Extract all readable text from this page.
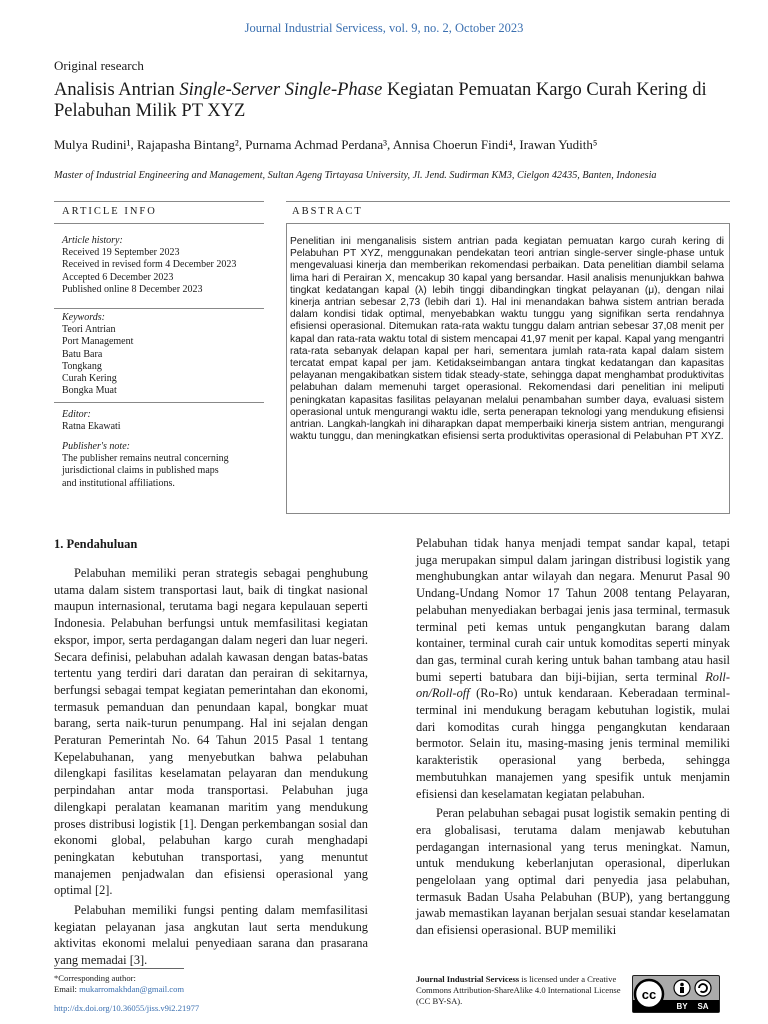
Journal Industrial Servicess, vol. 9, no. 2, October 2023
Original research
Analisis Antrian Single-Server Single-Phase Kegiatan Pemuatan Kargo Curah Kering di Pelabuhan Milik PT XYZ
Mulya Rudini¹, Rajapasha Bintang², Purnama Achmad Perdana³, Annisa Choerun Findi⁴, Irawan Yudith⁵
Master of Industrial Engineering and Management, Sultan Ageng Tirtayasa University, Jl. Jend. Sudirman KM3, Cielgon 42435, Banten, Indonesia
ARTICLE INFO	ABSTRACT
Article history:
Received 19 September 2023
Received in revised form 4 December 2023
Accepted 6 December 2023
Published online 8 December 2023
Keywords:
Teori Antrian
Port Management
Batu Bara
Tongkang
Curah Kering
Bongka Muat
Editor:
Ratna Ekawati
Publisher's note:
The publisher remains neutral concerning
jurisdictional claims in published maps
and institutional affiliations.
Penelitian ini menganalisis sistem antrian pada kegiatan pemuatan kargo curah kering di Pelabuhan PT XYZ, menggunakan pendekatan teori antrian single-server single-phase untuk mengevaluasi kinerja dan memberikan rekomendasi perbaikan. Data penelitian diambil selama lima hari di Perairan X, mencakup 30 kapal yang bersandar. Hasil analisis menunjukkan bahwa tingkat kedatangan kapal (λ) lebih tinggi dibandingkan tingkat pelayanan (μ), dengan nilai kinerja antrian sebesar 2,73 (lebih dari 1). Hal ini menandakan bahwa sistem antrian berada dalam kondisi tidak optimal, menyebabkan waktu tunggu yang signifikan serta rendahnya efisiensi operasional. Ditemukan rata-rata waktu tunggu dalam antrian sebesar 37,08 menit per kapal dan rata-rata waktu total di sistem mencapai 41,97 menit per kapal. Kapal yang mengantri rata-rata sebanyak delapan kapal per hari, sementara jumlah rata-rata kapal dalam sistem tercatat empat kapal per jam. Ketidakseimbangan antara tingkat kedatangan dan kapasitas pelayanan mengakibatkan sistem tidak steady-state, sehingga dapat menghambat produktivitas pelabuhan dalam memenuhi target operasional. Rekomendasi dari penelitian ini meliputi peningkatan kapasitas fasilitas pelayanan melalui penambahan sumber daya, evaluasi sistem operasional untuk mengurangi waktu idle, serta penerapan teknologi yang mendukung efisiensi antrian. Langkah-langkah ini diharapkan dapat memperbaiki kinerja sistem antrian, mengurangi waktu tunggu, dan meningkatkan efisiensi serta produktivitas operasional di Pelabuhan PT XYZ.
1. Pendahuluan

Pelabuhan memiliki peran strategis sebagai penghubung utama dalam sistem transportasi laut, baik di tingkat nasional maupun internasional, terutama bagi negara kepulauan seperti Indonesia. Pelabuhan berfungsi untuk memfasilitasi kegiatan ekspor, impor, serta perdagangan dalam negeri dan luar negeri. Secara definisi, pelabuhan adalah kawasan dengan batas-batas tertentu yang terdiri dari daratan dan perairan di sekitarnya, berfungsi sebagai tempat kegiatan pemerintahan dan ekonomi, termasuk pemanduan dan penundaan kapal, bongkar muat barang, serta naik-turun penumpang. Hal ini sejalan dengan Peraturan Pemerintah No. 64 Tahun 2015 Pasal 1 tentang Kepelabuhanan, yang menyebutkan bahwa pelabuhan dilengkapi fasilitas keselamatan pelayaran dan mendukung perpindahan antar moda transportasi. Pelabuhan juga dilengkapi peralatan keamanan maritim yang mendukung proses distribusi logistik [1]. Dengan perkembangan sosial dan ekonomi global, pelabuhan kargo curah menghadapi peningkatan kebutuhan transportasi, yang menuntut manajemen penjadwalan dan efisiensi operasional yang optimal [2].

Pelabuhan memiliki fungsi penting dalam memfasilitasi kegiatan pelayanan jasa angkutan laut serta mendukung aktivitas ekonomi melalui penyediaan sarana dan prasarana yang memadai [3].

Pelabuhan tidak hanya menjadi tempat sandar kapal, tetapi juga merupakan simpul dalam jaringan distribusi logistik yang menghubungkan antar wilayah dan negara. Menurut Pasal 90 Undang-Undang Nomor 17 Tahun 2008 tentang Pelayaran, pelabuhan menyediakan berbagai jenis jasa terminal, termasuk terminal peti kemas untuk pengangkutan barang dalam kontainer, terminal curah cair untuk komoditas seperti minyak dan gas, terminal curah kering untuk bahan tambang atau hasil bumi seperti batubara dan biji-bijian, serta terminal Roll-on/Roll-off (Ro-Ro) untuk kendaraan. Keberadaan terminal-terminal ini mendukung beragam kebutuhan logistik, mulai dari komoditas curah hingga pengangkutan kendaraan bermotor. Selain itu, masing-masing jenis terminal memiliki karakteristik operasional yang berbeda, sehingga membutuhkan manajemen yang spesifik untuk menjamin efisiensi dan keselamatan kegiatan pelabuhan.

Peran pelabuhan sebagai pusat logistik semakin penting di era globalisasi, terutama dalam menjawab kebutuhan perdagangan internasional yang terus meningkat. Namun, untuk mendukung keberlanjutan operasional, diperlukan pengelolaan yang optimal dari penyedia jasa pelabuhan, termasuk Badan Usaha Pelabuhan (BUP), yang bertanggung jawab memastikan layanan berjalan sesuai standar keselamatan dan efisiensi operasional. BUP memiliki

*Corresponding author:
Email: mukarromakhdan@gmail.com
http://dx.doi.org/10.36055/jiss.v9i2.21977
Journal Industrial Servicess is licensed under a Creative Commons Attribution-ShareAlike 4.0 International License (CC BY-SA).	cc
BY SA
